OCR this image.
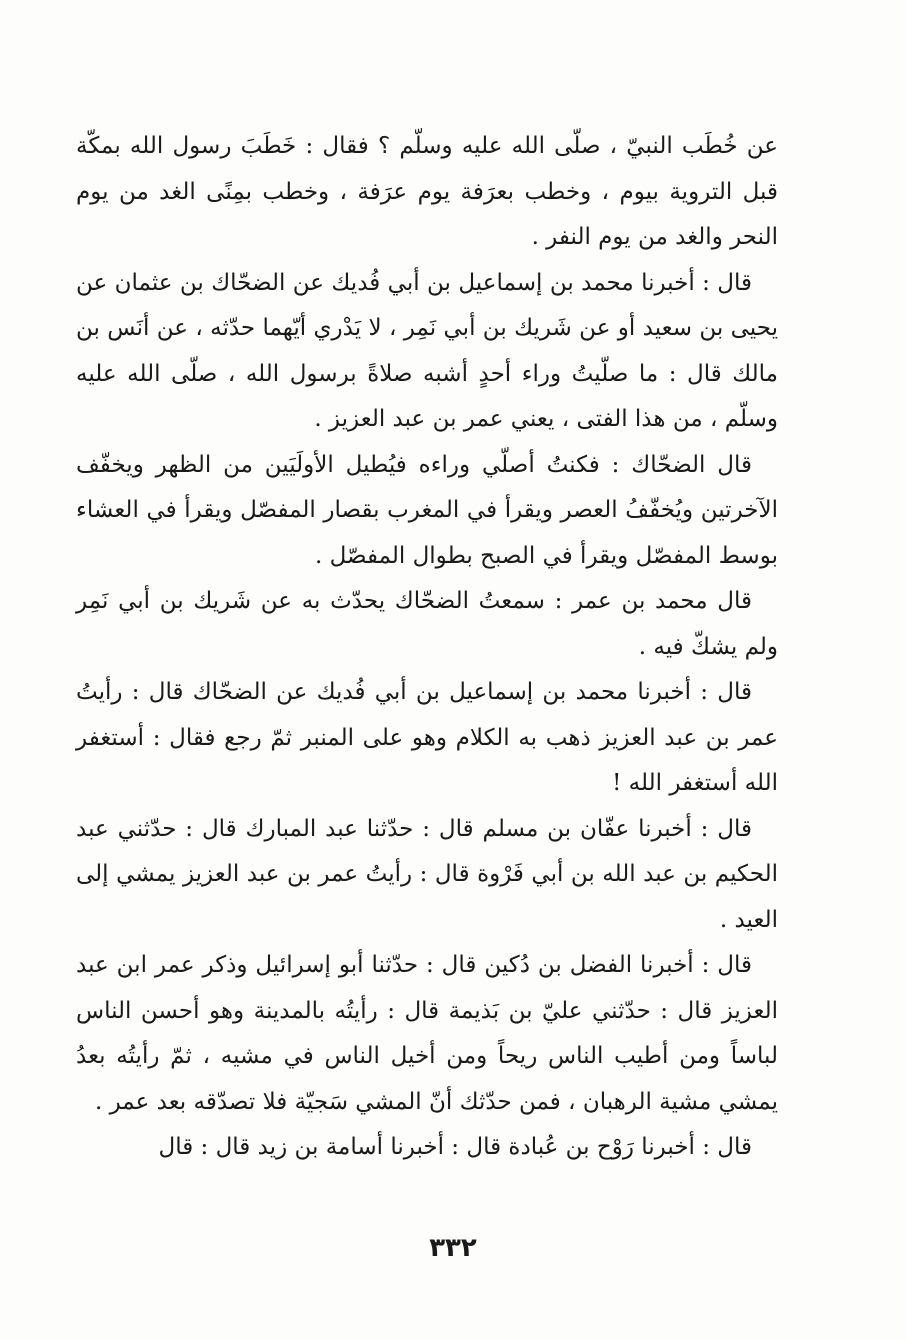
عن خُطَب النبيّ ، صلّى الله عليه وسلّم ؟ فقال : خَطَبَ رسول الله بمكّة قبل التروية بيوم ، وخطب بعرَفة يوم عرَفة ، وخطب بمِنًى الغد من يوم النحر والغد من يوم النفر .

قال : أخبرنا محمد بن إسماعيل بن أبي فُديك عن الضحّاك بن عثمان عن يحيى بن سعيد أو عن شَريك بن أبي نَمِر ، لا يَدْري أيّهما حدّثه ، عن أنَس بن مالك قال : ما صلّيتُ وراء أحدٍ أشبه صلاةً برسول الله ، صلّى الله عليه وسلّم ، من هذا الفتى ، يعني عمر بن عبد العزيز .

قال الضحّاك : فكنتُ أصلّي وراءه فيُطيل الأولَيَين من الظهر ويخفّف الآخرتين ويُخفّفُ العصر ويقرأ في المغرب بقصار المفصّل ويقرأ في العشاء بوسط المفصّل ويقرأ في الصبح بطوال المفصّل .

قال محمد بن عمر : سمعتُ الضحّاك يحدّث به عن شَريك بن أبي نَمِر ولم يشكّ فيه .

قال : أخبرنا محمد بن إسماعيل بن أبي فُديك عن الضحّاك قال : رأيتُ عمر بن عبد العزيز ذهب به الكلام وهو على المنبر ثمّ رجع فقال : أستغفر الله أستغفر الله !

قال : أخبرنا عفّان بن مسلم قال : حدّثنا عبد المبارك قال : حدّثني عبد الحكيم بن عبد الله بن أبي فَرْوة قال : رأيتُ عمر بن عبد العزيز يمشي إلى العيد .

قال : أخبرنا الفضل بن دُكين قال : حدّثنا أبو إسرائيل وذكر عمر ابن عبد العزيز قال : حدّثني عليّ بن بَذيمة قال : رأيتُه بالمدينة وهو أحسن الناس لباساً ومن أطيب الناس ريحاً ومن أخيل الناس في مشيه ، ثمّ رأيتُه بعدُ يمشي مشية الرهبان ، فمن حدّثك أنّ المشي سَجيّة فلا تصدّقه بعد عمر .

قال : أخبرنا رَوْح بن عُبادة قال : أخبرنا أسامة بن زيد قال : قال

٣٣٢
